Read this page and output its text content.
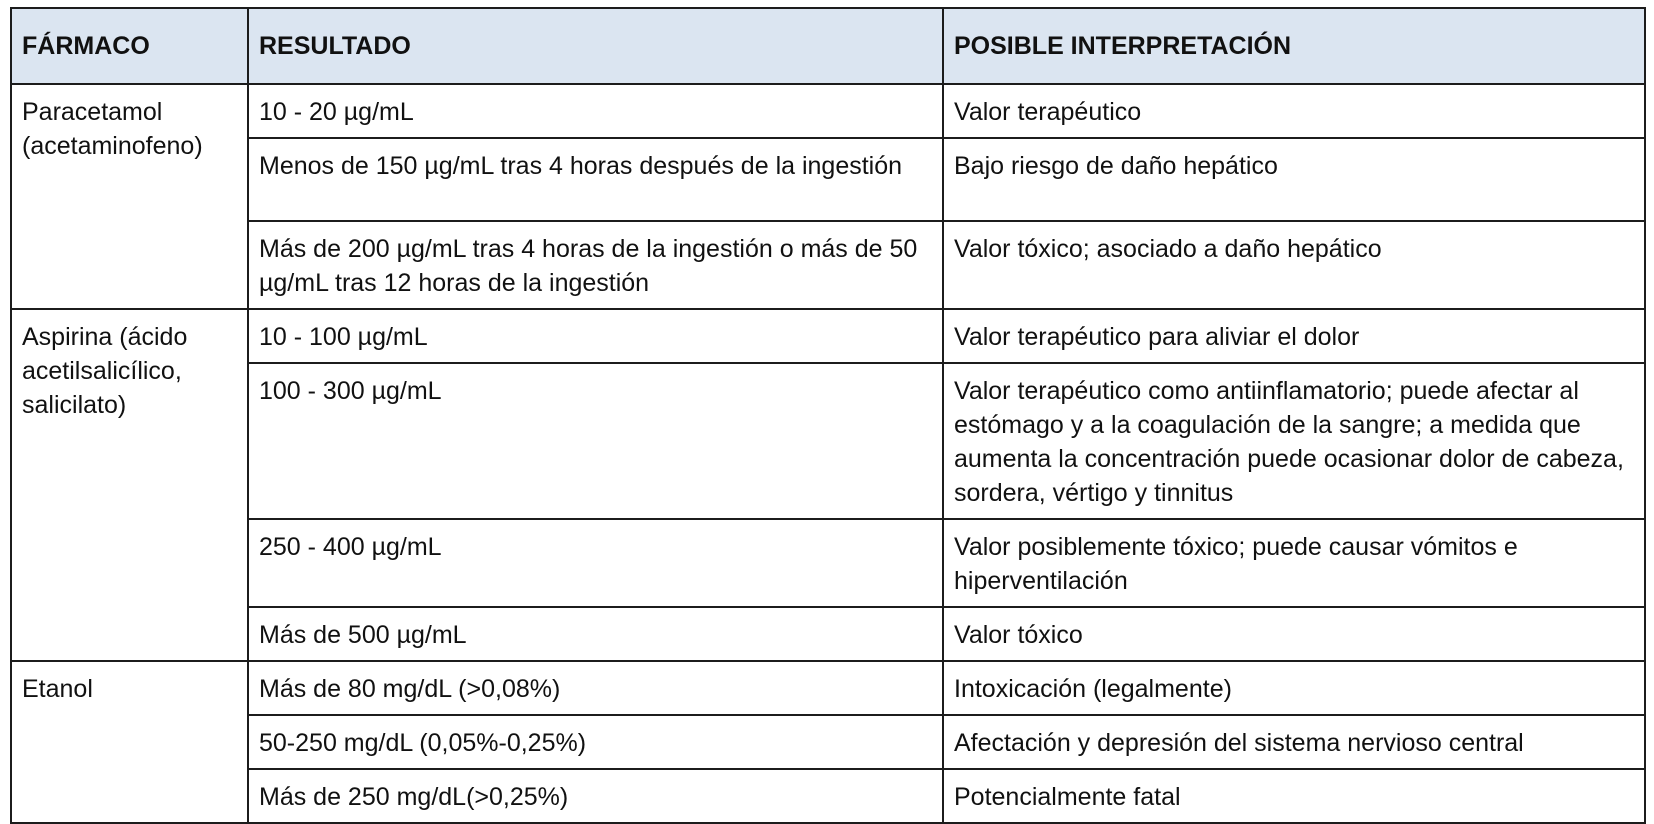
FÁRMACO	RESULTADO	POSIBLE INTERPRETACIÓN
Paracetamol (acetaminofeno)	10 - 20 µg/mL	Valor terapéutico
	Menos de 150 µg/mL tras 4 horas después de la ingestión	Bajo riesgo de daño hepático
	Más de 200 µg/mL tras 4 horas de la ingestión o más de 50 µg/mL tras 12 horas de la ingestión	Valor tóxico; asociado a daño hepático
Aspirina (ácido acetilsalicílico, salicilato)	10 - 100 µg/mL	Valor terapéutico para aliviar el dolor
	100 - 300 µg/mL	Valor terapéutico como antiinflamatorio; puede afectar al estómago y a la coagulación de la sangre; a medida que aumenta la concentración puede ocasionar dolor de cabeza, sordera, vértigo y tinnitus
	250 - 400 µg/mL	Valor posiblemente tóxico; puede causar vómitos e hiperventilación
	Más de 500 µg/mL	Valor tóxico
Etanol	Más de 80 mg/dL (>0,08%)	Intoxicación (legalmente)
	50-250 mg/dL (0,05%-0,25%)	Afectación y depresión del sistema nervioso central
	Más de 250 mg/dL(>0,25%)	Potencialmente fatal
